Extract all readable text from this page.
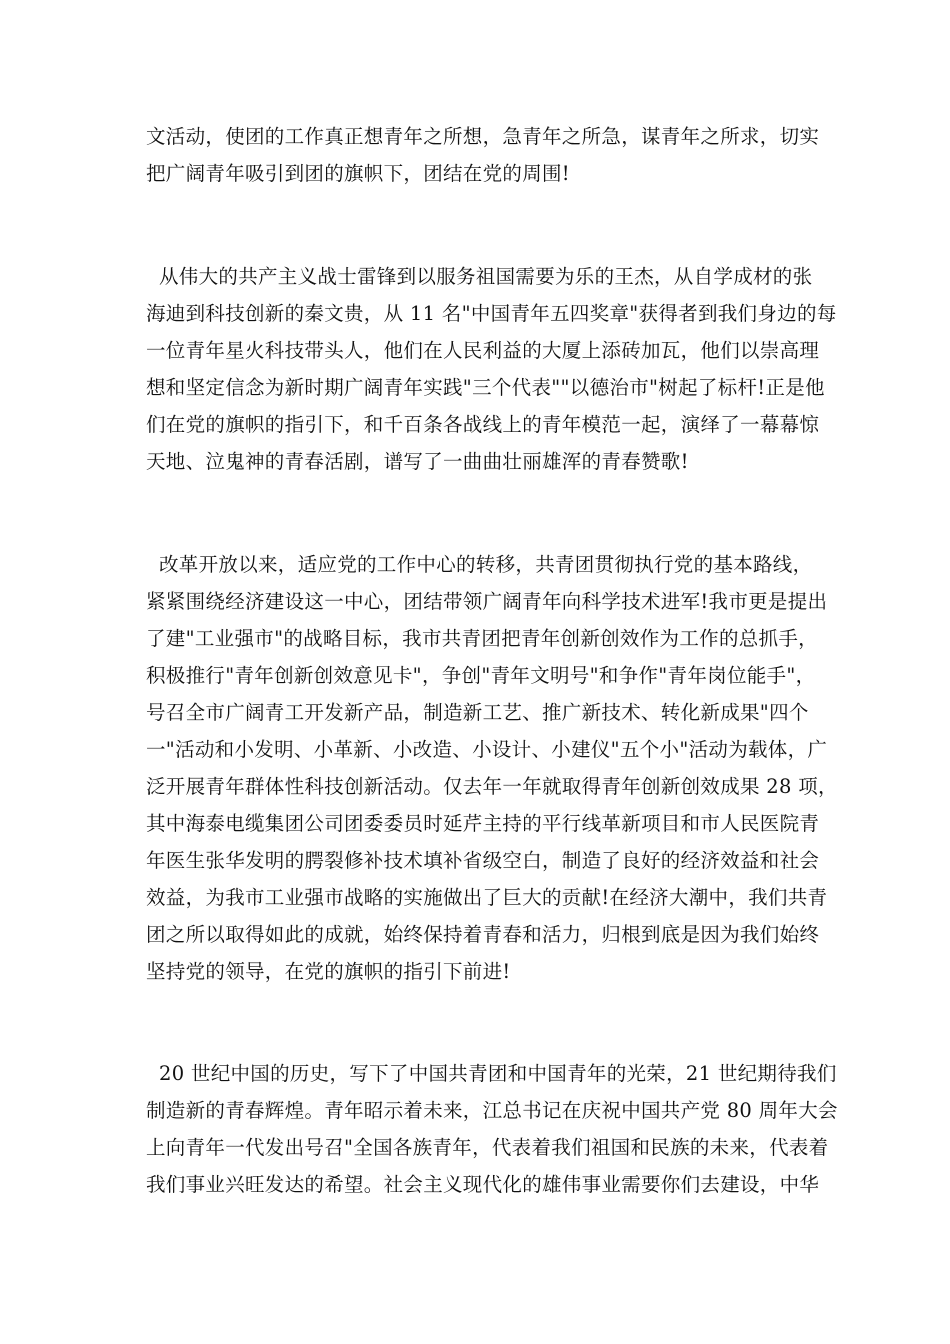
文活动，使团的工作真正想青年之所想，急青年之所急，谋青年之所求，切实
把广阔青年吸引到团的旗帜下，团结在党的周围!

从伟大的共产主义战士雷锋到以服务祖国需要为乐的王杰，从自学成材的张
海迪到科技创新的秦文贵，从 11 名"中国青年五四奖章"获得者到我们身边的每
一位青年星火科技带头人，他们在人民利益的大厦上添砖加瓦，他们以崇高理
想和坚定信念为新时期广阔青年实践"三个代表""以德治市"树起了标杆!正是他
们在党的旗帜的指引下，和千百条各战线上的青年模范一起，演绎了一幕幕惊
天地、泣鬼神的青春活剧，谱写了一曲曲壮丽雄浑的青春赞歌!

改革开放以来，适应党的工作中心的转移，共青团贯彻执行党的基本路线，
紧紧围绕经济建设这一中心，团结带领广阔青年向科学技术进军!我市更是提出
了建"工业强市"的战略目标，我市共青团把青年创新创效作为工作的总抓手，
积极推行"青年创新创效意见卡"，争创"青年文明号"和争作"青年岗位能手"，
号召全市广阔青工开发新产品，制造新工艺、推广新技术、转化新成果"四个
一"活动和小发明、小革新、小改造、小设计、小建仪"五个小"活动为载体，广
泛开展青年群体性科技创新活动。仅去年一年就取得青年创新创效成果 28 项，
其中海泰电缆集团公司团委委员时延芹主持的平行线革新项目和市人民医院青
年医生张华发明的腭裂修补技术填补省级空白，制造了良好的经济效益和社会
效益，为我市工业强市战略的实施做出了巨大的贡献!在经济大潮中，我们共青
团之所以取得如此的成就，始终保持着青春和活力，归根到底是因为我们始终
坚持党的领导，在党的旗帜的指引下前进!

20 世纪中国的历史，写下了中国共青团和中国青年的光荣，21 世纪期待我们
制造新的青春辉煌。青年昭示着未来，江总书记在庆祝中国共产党 80 周年大会
上向青年一代发出号召"全国各族青年，代表着我们祖国和民族的未来，代表着
我们事业兴旺发达的希望。社会主义现代化的雄伟事业需要你们去建设，中华
